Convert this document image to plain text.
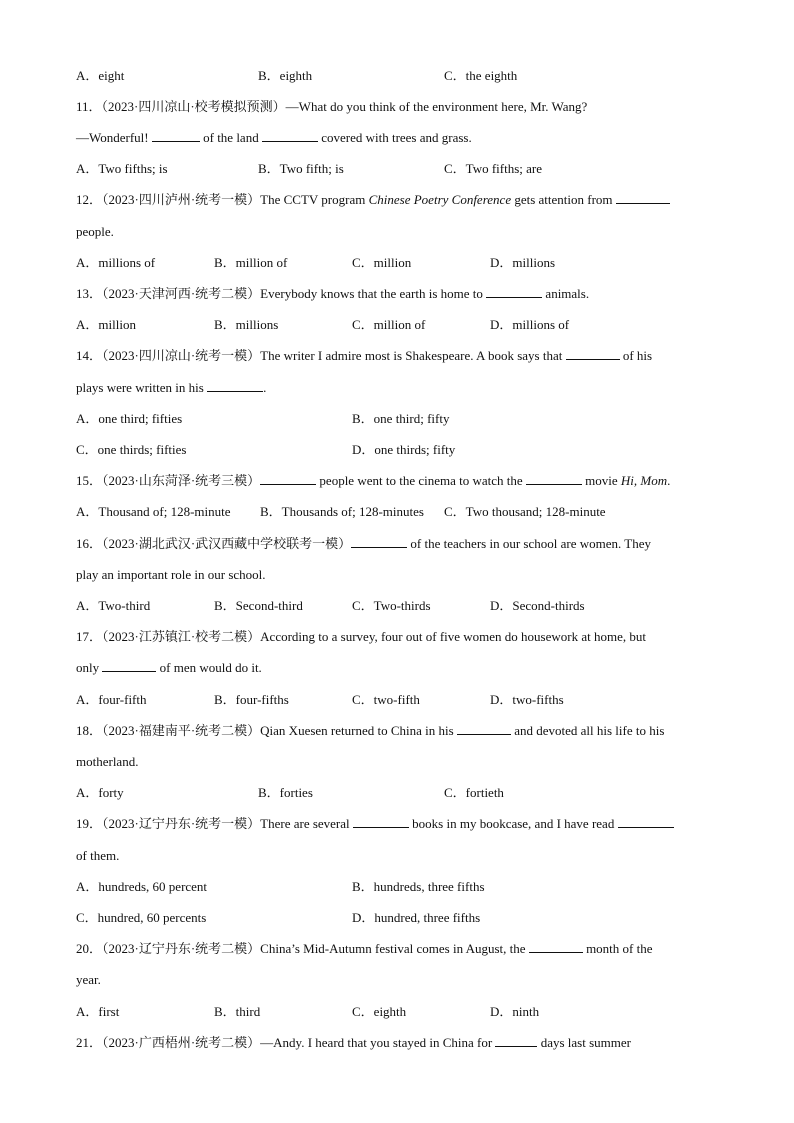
A．eight	B．eighth	C．the eighth
11．（2023·四川凉山·校考模拟预测）—What do you think of the environment here, Mr. Wang?
—Wonderful!	of the land	covered with trees and grass.
A．Two fifths; is	B．Two fifth; is	C．Two fifths; are
12．（2023·四川泸州·统考一模）The CCTV program Chinese Poetry Conference gets attention from
people.
A．millions of	B．million of	C．million	D．millions
13．（2023·天津河西·统考二模）Everybody knows that the earth is home to	animals.
A．million	B．millions	C．million of	D．millions of
14．（2023·四川凉山·统考一模）The writer I admire most is Shakespeare. A book says that	of his
plays were written in his	.
A．one third; fifties	B．one third; fifty
C．one thirds; fifties	D．one thirds; fifty
15．（2023·山东菏泽·统考三模）	people went to the cinema to watch the	movie Hi, Mom.
A．Thousand of; 128-minute B．Thousands of; 128-minutes C．Two thousand; 128-minute
16．（2023·湖北武汉·武汉西藏中学校联考一模）	of the teachers in our school are women. They
play an important role in our school.
A．Two-third	B．Second-third	C．Two-thirds	D．Second-thirds
17．（2023·江苏镇江·校考二模）According to a survey, four out of five women do housework at home, but
only	of men would do it.
A．four-fifth	B．four-fifths	C．two-fifth	D．two-fifths
18．（2023·福建南平·统考二模）Qian Xuesen returned to China in his	and devoted all his life to his
motherland.
A．forty	B．forties	C．fortieth
19．（2023·辽宁丹东·统考一模）There are several	books in my bookcase, and I have read
of them.
A．hundreds, 60 percent	B．hundreds, three fifths
C．hundred, 60 percents	D．hundred, three fifths
20．（2023·辽宁丹东·统考二模）China’s Mid-Autumn festival comes in August, the	month of the
year.
A．first	B．third	C．eighth	D．ninth
21．（2023·广西梧州·统考二模）—Andy. I heard that you stayed in China for	days last summer
